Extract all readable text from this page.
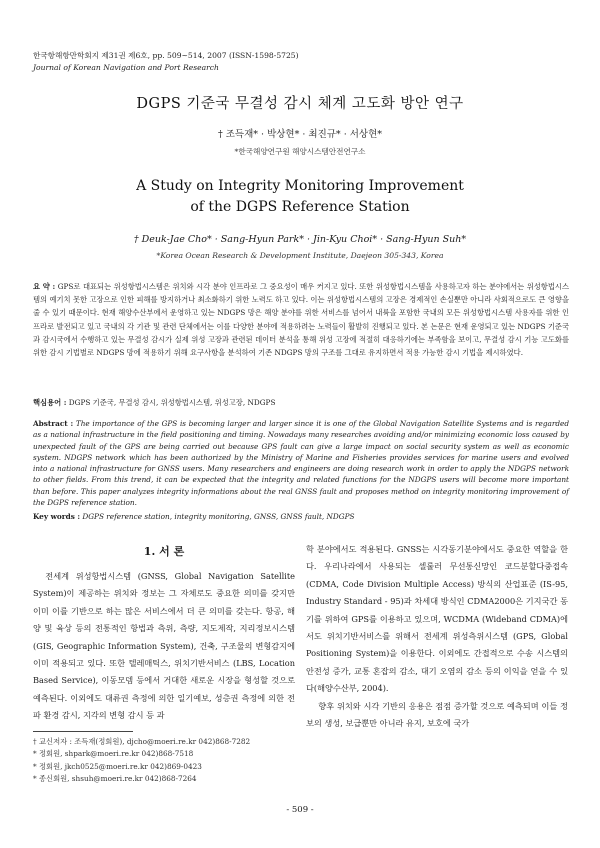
한국항해항만학회지 제31권 제6호, pp. 509~514, 2007 (ISSN-1598-5725)
Journal of Korean Navigation and Port Research
DGPS 기준국 무결성 감시 체계 고도화 방안 연구
† 조득재* · 박상현* · 최진규* · 서상현*
*한국해양연구원 해양시스템안전연구소
A Study on Integrity Monitoring Improvement
of the DGPS Reference Station
† Deuk-Jae Cho* · Sang-Hyun Park* · Jin-Kyu Choi* · Sang-Hyun Suh*
*Korea Ocean Research & Development Institute, Daejeon 305-343, Korea
요 약 : GPS로 대표되는 위성항법시스템은 위치와 시각 분야 인프라로 그 중요성이 매우 커지고 있다. 또한 위성항법시스템을 사용하고자 하는 분야에서는 위성항법시스템의 예기치 못한 고장으로 인한 피해를 방지하거나 최소화하기 위한 노력도 하고 있다. 이는 위성항법시스템의 고장은 경제적인 손실뿐만 아니라 사회적으로도 큰 영향을 줄 수 있기 때문이다. 현재 해양수산부에서 운영하고 있는 NDGPS 망은 해양 분야를 위한 서비스를 넘어서 내륙을 포함한 국내의 모든 위성항법시스템 사용자를 위한 인프라로 발전되고 있고 국내의 각 기관 및 관련 단체에서는 이를 다양한 분야에 적용하려는 노력들이 활발히 진행되고 있다. 본 논문은 현재 운영되고 있는 NDGPS 기준국과 감시국에서 수행하고 있는 무결성 감시가 실제 위성 고장과 관련된 데이터 분석을 통해 위성 고장에 적절히 대응하기에는 부족함을 보이고, 무결성 감시 기능 고도화를 위한 감시 기법별로 NDGPS 망에 적용하기 위해 요구사항을 분석하여 기존 NDGPS 망의 구조를 그대로 유지하면서 적용 가능한 감시 기법을 제시하였다.
핵심용어 : DGPS 기준국, 무결성 감시, 위성항법시스템, 위성고장, NDGPS
Abstract : The importance of the GPS is becoming larger and larger since it is one of the Global Navigation Satellite Systems and is regarded as a national infrastructure in the field positioning and timing. Nowadays many researches avoiding and/or minimizing economic loss caused by unexpected fault of the GPS are being carried out because GPS fault can give a large impact on social security system as well as economic system. NDGPS network which has been authorized by the Ministry of Marine and Fisheries provides services for marine users and evolved into a national infrastructure for GNSS users. Many researchers and engineers are doing research work in order to apply the NDGPS network to other fields. From this trend, it can be expected that the integrity and related functions for the NDGPS users will become more important than before. This paper analyzes integrity informations about the real GNSS fault and proposes method on integrity monitoring improvement of the DGPS reference station.
Key words : DGPS reference station, integrity monitoring, GNSS, GNSS fault, NDGPS
1. 서 론

전세계 위성항법시스템 (GNSS, Global Navigation Satellite System)이 제공하는 위치와 정보는 그 자체로도 중요한 의미를 갖지만 이미 이를 기반으로 하는 많은 서비스에서 더 큰 의미를 갖는다. 항공, 해양 및 육상 등의 전통적인 항법과 측위, 측량, 지도제작, 지리정보시스템 (GIS, Geographic Information System), 건축, 구조물의 변형감지에 이미 적용되고 있다. 또한 텔레매틱스, 위치기반서비스 (LBS, Location Based Service), 이동모뎀 등에서 거대한 새로운 시장을 형성할 것으로 예측된다. 이외에도 대류권 측정에 의한 일기예보, 성층권 측정에 의한 전파 환경 감시, 지각의 변형 감시 등 과

학 분야에서도 적용된다. GNSS는 시각동기분야에서도 중요한 역할을 한다. 우리나라에서 사용되는 셀룰러 무선통신망인 코드분할다중접속 (CDMA, Code Division Multiple Access) 방식의 산업표준 (IS-95, Industry Standard - 95)과 차세대 방식인 CDMA2000은 기지국간 동기를 위하여 GPS를 이용하고 있으며, WCDMA (Wideband CDMA)에서도 위치기반서비스를 위해서 전세계 위성측위시스템 (GPS, Global Positioning System)을 이용한다. 이외에도 간접적으로 수송 시스템의 안전성 증가, 교통 혼잡의 감소, 대기 오염의 감소 등의 이익을 얻을 수 있다(해양수산부, 2004).

향후 위치와 시각 기반의 응용은 점점 증가할 것으로 예측되며 이들 정보의 생성, 보급뿐만 아니라 유지, 보호에 국가

† 교신저자 : 조득재(정회원), djcho@moeri.re.kr 042)868-7282
* 정회원, shpark@moeri.re.kr 042)868-7518
* 정회원, jkch0525@moeri.re.kr 042)869-0423
* 종신회원, shsuh@moeri.re.kr 042)868-7264
- 509 -
